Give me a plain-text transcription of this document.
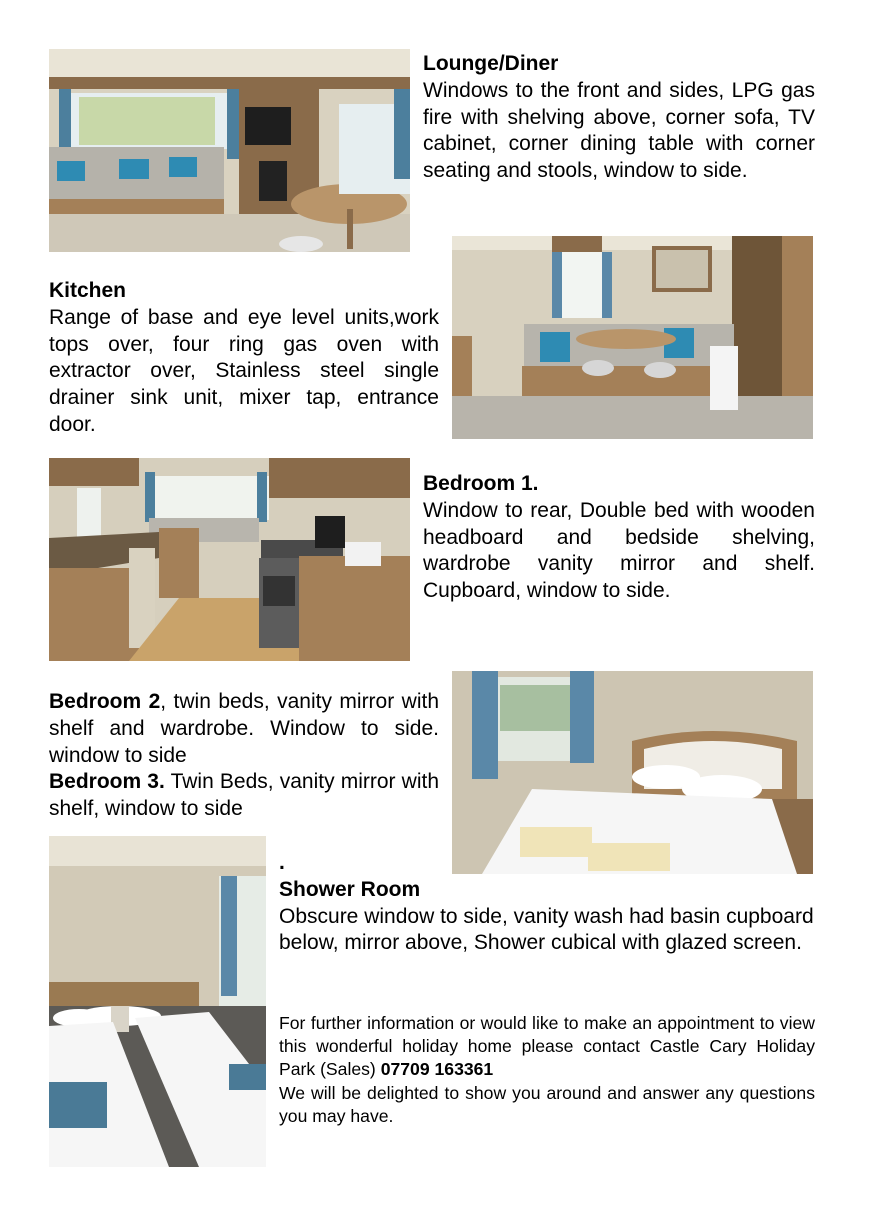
Lounge/Diner
Windows to the front and sides, LPG gas fire with shelving above, corner sofa, TV cabinet, corner dining table with corner seating and stools, window to side.
Kitchen
Range of base and eye level units,work tops over, four ring gas oven with extractor over, Stainless steel single drainer sink unit, mixer tap, entrance door.
Bedroom 1.
Window to rear, Double bed with wooden headboard and bedside shelving, wardrobe vanity mirror and shelf. Cupboard, window to side.
Bedroom 2, twin beds, vanity mirror with shelf and wardrobe. Window to side. window to side
Bedroom 3. Twin Beds, vanity mirror with shelf, window to side
.
Shower Room
Obscure window to side, vanity wash had basin cupboard below, mirror above, Shower cubical with glazed screen.
For further information or would like to make an appointment to view this wonderful holiday home please contact Castle Cary Holiday Park (Sales) 07709 163361
We will be delighted to show you around and answer any questions you may have.
